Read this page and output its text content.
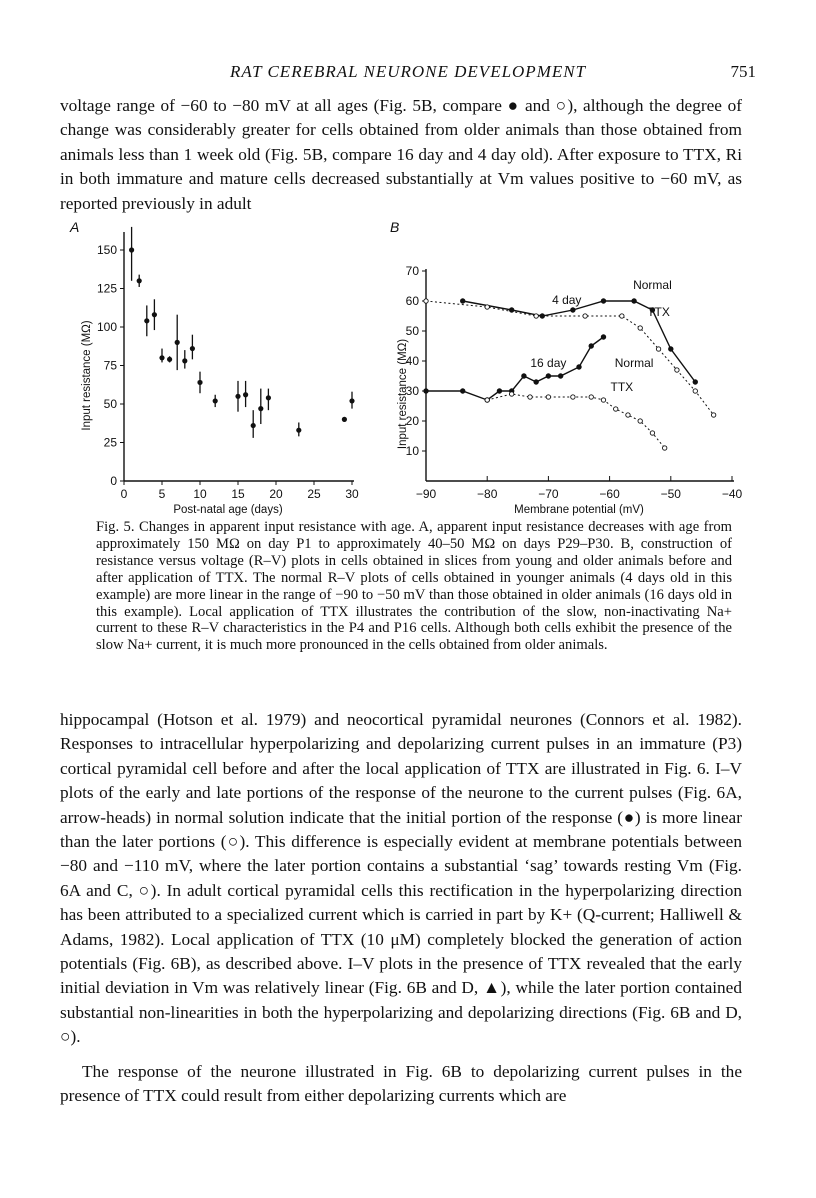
RAT CEREBRAL NEURONE DEVELOPMENT	751

voltage range of −60 to −80 mV at all ages (Fig. 5B, compare ● and ○), although the degree of change was considerably greater for cells obtained from older animals than those obtained from animals less than 1 week old (Fig. 5B, compare 16 day and 4 day old). After exposure to TTX, Ri in both immature and mature cells decreased substantially at Vm values positive to −60 mV, as reported previously in adult

A
0
25
50
75
100
125
150
0	5 10 15 20 25 30
Post-natal age (days)
Input resistance (MΩ)
B
10
20
30
40
50
60
70
−90	−80	−70	−60	−50	−40
Membrane potential (mV)
Input resistance (MΩ)
Normal
4 day
TTX
16 day	Normal
TTX

Fig. 5. Changes in apparent input resistance with age. A, apparent input resistance decreases with age from approximately 150 MΩ on day P1 to approximately 40–50 MΩ on days P29–P30. B, construction of resistance versus voltage (R–V) plots in cells obtained in slices from young and older animals before and after application of TTX. The normal R–V plots of cells obtained in younger animals (4 days old in this example) are more linear in the range of −90 to −50 mV than those obtained in older animals (16 days old in this example). Local application of TTX illustrates the contribution of the slow, non-inactivating Na+ current to these R–V characteristics in the P4 and P16 cells. Although both cells exhibit the presence of the slow Na+ current, it is much more pronounced in the cells obtained from older animals.

hippocampal (Hotson et al. 1979) and neocortical pyramidal neurones (Connors et al. 1982). Responses to intracellular hyperpolarizing and depolarizing current pulses in an immature (P3) cortical pyramidal cell before and after the local application of TTX are illustrated in Fig. 6. I–V plots of the early and late portions of the response of the neurone to the current pulses (Fig. 6A, arrow-heads) in normal solution indicate that the initial portion of the response (●) is more linear than the later portions (○). This difference is especially evident at membrane potentials between −80 and −110 mV, where the later portion contains a substantial ‘sag’ towards resting Vm (Fig. 6A and C, ○). In adult cortical pyramidal cells this rectification in the hyperpolarizing direction has been attributed to a specialized current which is carried in part by K+ (Q-current; Halliwell & Adams, 1982). Local application of TTX (10 μM) completely blocked the generation of action potentials (Fig. 6B), as described above. I–V plots in the presence of TTX revealed that the early initial deviation in Vm was relatively linear (Fig. 6B and D, ▲), while the later portion contained substantial non-linearities in both the hyperpolarizing and depolarizing directions (Fig. 6B and D, ○).

The response of the neurone illustrated in Fig. 6B to depolarizing current pulses in the presence of TTX could result from either depolarizing currents which are
